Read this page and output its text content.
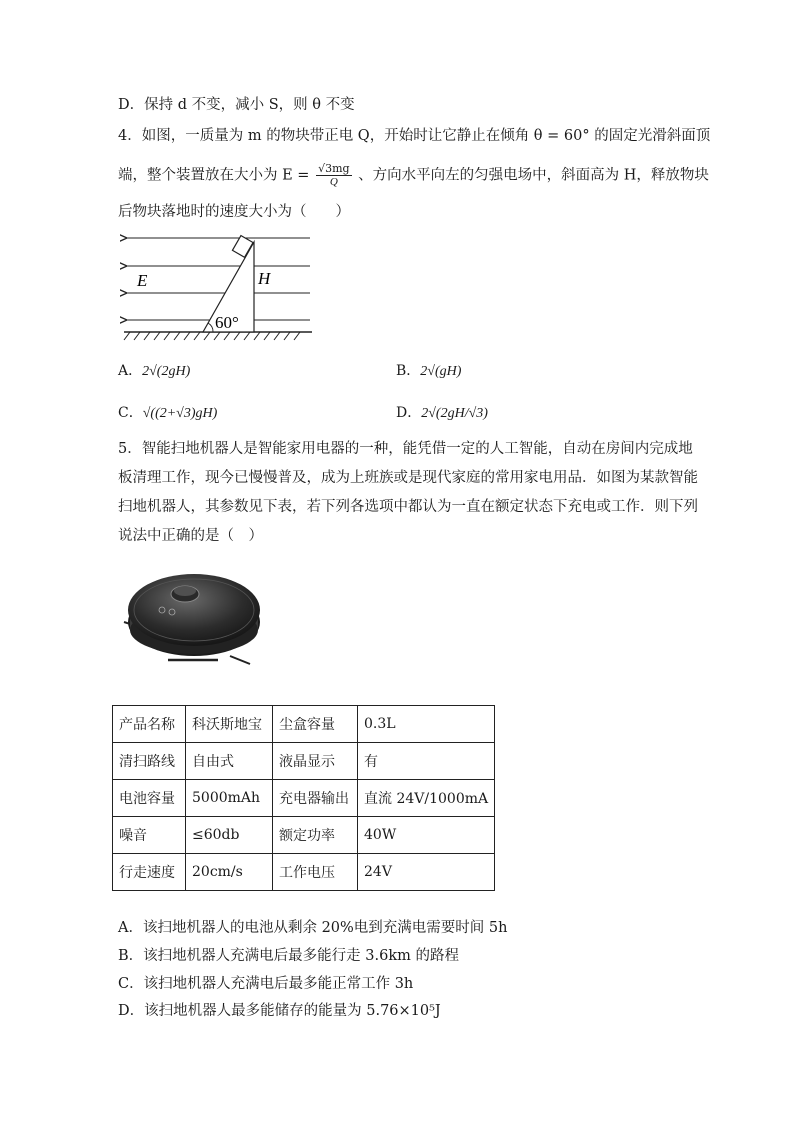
D．保持 d 不变，减小 S，则 θ 不变
4．如图，一质量为 m 的物块带正电 Q，开始时让它静止在倾角 θ = 60° 的固定光滑斜面顶
端，整个装置放在大小为 $E = \frac{√3mg}{Q}$ 、方向水平向左的匀强电场中，斜面高为 H，释放物块
后物块落地时的速度大小为（　　）
E	H
60°
A．2√(2gH)	B．2√(gH)
C．√((2+√3)gH)	D．2√(2gH/√3)
5．智能扫地机器人是智能家用电器的一种，能凭借一定的人工智能，自动在房间内完成地
板清理工作，现今已慢慢普及，成为上班族或是现代家庭的常用家电用品．如图为某款智能
扫地机器人，其参数见下表，若下列各选项中都认为一直在额定状态下充电或工作．则下列
说法中正确的是（　）
产品名称	科沃斯地宝	尘盒容量	0.3L
清扫路线	自由式	液晶显示	有
电池容量	5000mAh	充电器输出	直流 24V/1000mA
噪音	≤60db	额定功率	40W
行走速度	20cm/s	工作电压	24V
A．该扫地机器人的电池从剩余 20%电到充满电需要时间 5h
B．该扫地机器人充满电后最多能行走 3.6km 的路程
C．该扫地机器人充满电后最多能正常工作 3h
D．该扫地机器人最多能储存的能量为 5.76×10⁵J
